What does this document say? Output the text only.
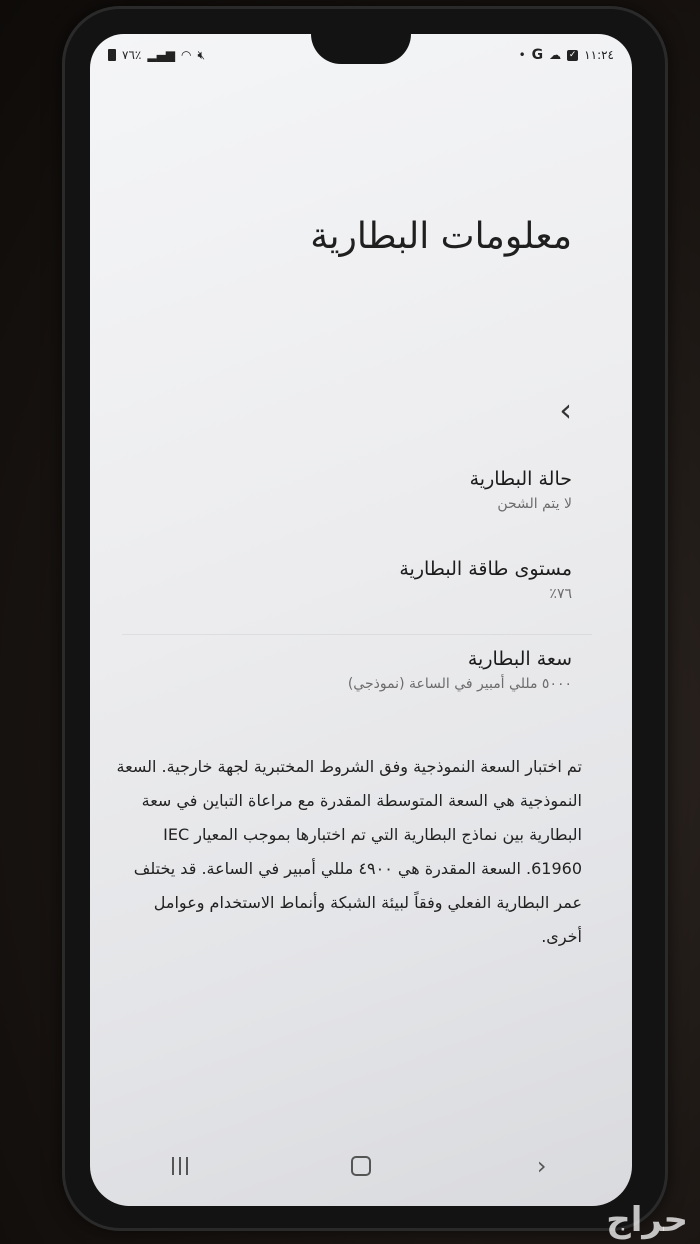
٧٦٪ ▂▄▆ ◠ 🔇︎	• G ☁ ✓ ١١:٢٤
معلومات البطارية
›
حالة البطارية
لا يتم الشحن
مستوى طاقة البطارية
٧٦٪
سعة البطارية
٥٠٠٠ مللي أمبير في الساعة (نموذجي)

تم اختبار السعة النموذجية وفق الشروط المختبرية لجهة خارجية. السعة النموذجية هي السعة المتوسطة المقدرة مع مراعاة التباين في سعة البطارية بين نماذج البطارية التي تم اختبارها بموجب المعيار IEC 61960. السعة المقدرة هي ٤٩٠٠ مللي أمبير في الساعة. قد يختلف عمر البطارية الفعلي وفقاً لبيئة الشبكة وأنماط الاستخدام وعوامل أخرى.

›
حراج
